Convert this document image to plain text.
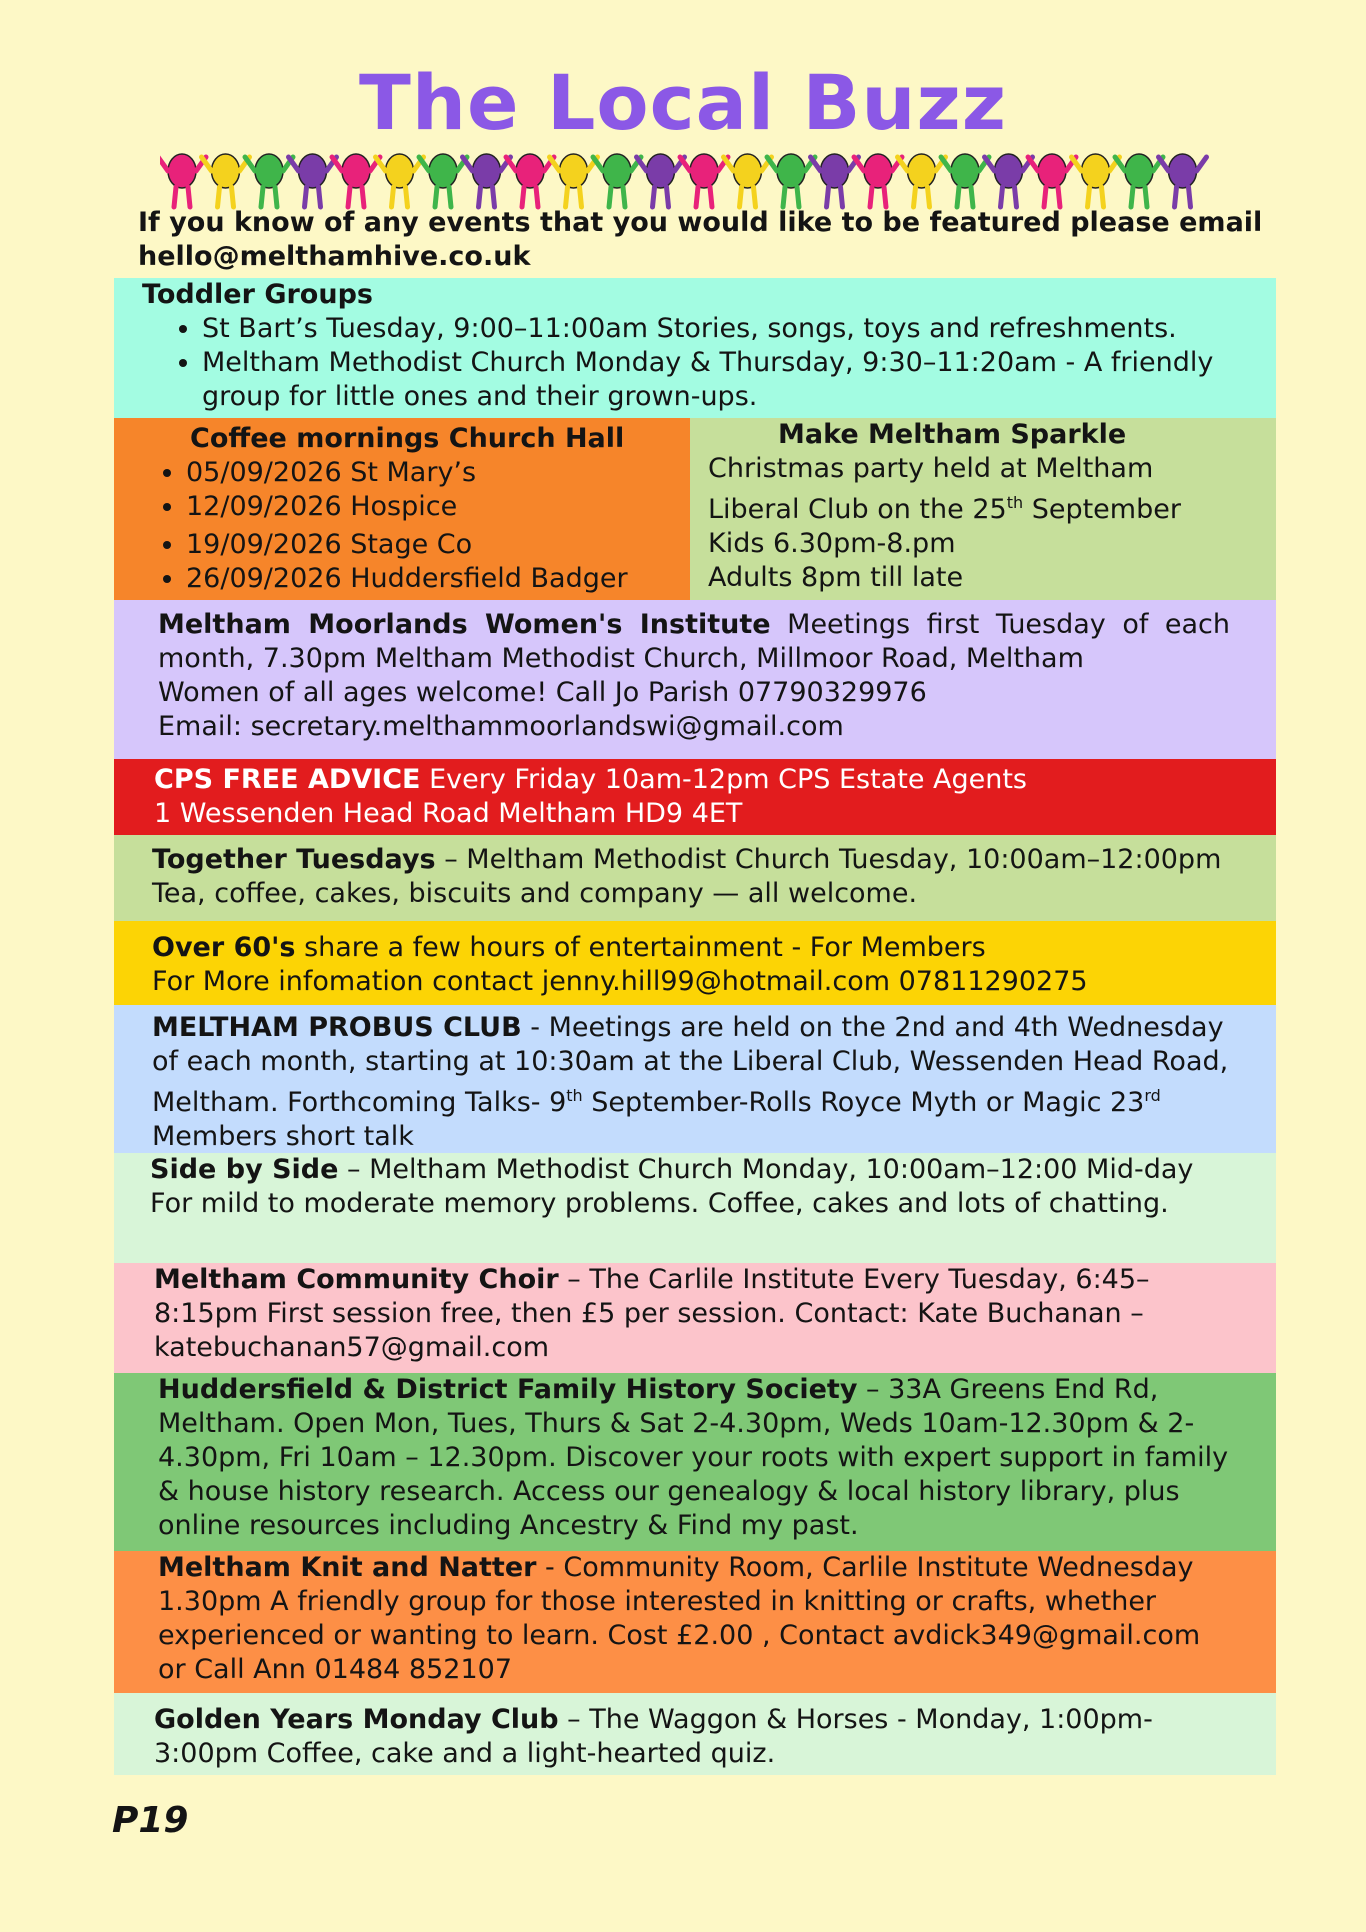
The Local Buzz
If you know of any events that you would like to be featured please email
hello@melthamhive.co.uk
Toddler Groups
• St Bart’s Tuesday, 9:00–11:00am Stories, songs, toys and refreshments.
• Meltham Methodist Church Monday & Thursday, 9:30–11:20am - A friendly group for little ones and their grown-ups.
Coffee mornings Church Hall
• 05/09/2026 St Mary’s
• 12/09/2026 Hospice
• 19/09/2026 Stage Co
• 26/09/2026 Huddersfield Badger
Make Meltham Sparkle
Christmas party held at Meltham
Liberal Club on the 25th September
Kids 6.30pm-8.pm
Adults 8pm till late
Meltham Moorlands Women's Institute Meetings first Tuesday of each month, 7.30pm Meltham Methodist Church, Millmoor Road, Meltham
Women of all ages welcome! Call Jo Parish 07790329976
Email: secretary.melthammoorlandswi@gmail.com
CPS FREE ADVICE Every Friday 10am-12pm CPS Estate Agents
1 Wessenden Head Road Meltham HD9 4ET
Together Tuesdays – Meltham Methodist Church Tuesday, 10:00am–12:00pm Tea, coffee, cakes, biscuits and company — all welcome.
Over 60's share a few hours of entertainment - For Members
For More infomation contact jenny.hill99@hotmail.com 07811290275
MELTHAM PROBUS CLUB - Meetings are held on the 2nd and 4th Wednesday of each month, starting at 10:30am at the Liberal Club, Wessenden Head Road, Meltham. Forthcoming Talks- 9th September-Rolls Royce Myth or Magic 23rd Members short talk
Side by Side – Meltham Methodist Church Monday, 10:00am–12:00 Mid-day For mild to moderate memory problems. Coffee, cakes and lots of chatting.
Meltham Community Choir – The Carlile Institute Every Tuesday, 6:45–8:15pm First session free, then £5 per session. Contact: Kate Buchanan – katebuchanan57@gmail.com
Huddersfield & District Family History Society – 33A Greens End Rd, Meltham. Open Mon, Tues, Thurs & Sat 2-4.30pm, Weds 10am-12.30pm & 2- 4.30pm, Fri 10am – 12.30pm. Discover your roots with expert support in family & house history research. Access our genealogy & local history library, plus online resources including Ancestry & Find my past.
Meltham Knit and Natter - Community Room, Carlile Institute Wednesday 1.30pm A friendly group for those interested in knitting or crafts, whether experienced or wanting to learn. Cost £2.00 , Contact avdick349@gmail.com or Call Ann 01484 852107
Golden Years Monday Club – The Waggon & Horses - Monday, 1:00pm-3:00pm Coffee, cake and a light-hearted quiz.
P19
